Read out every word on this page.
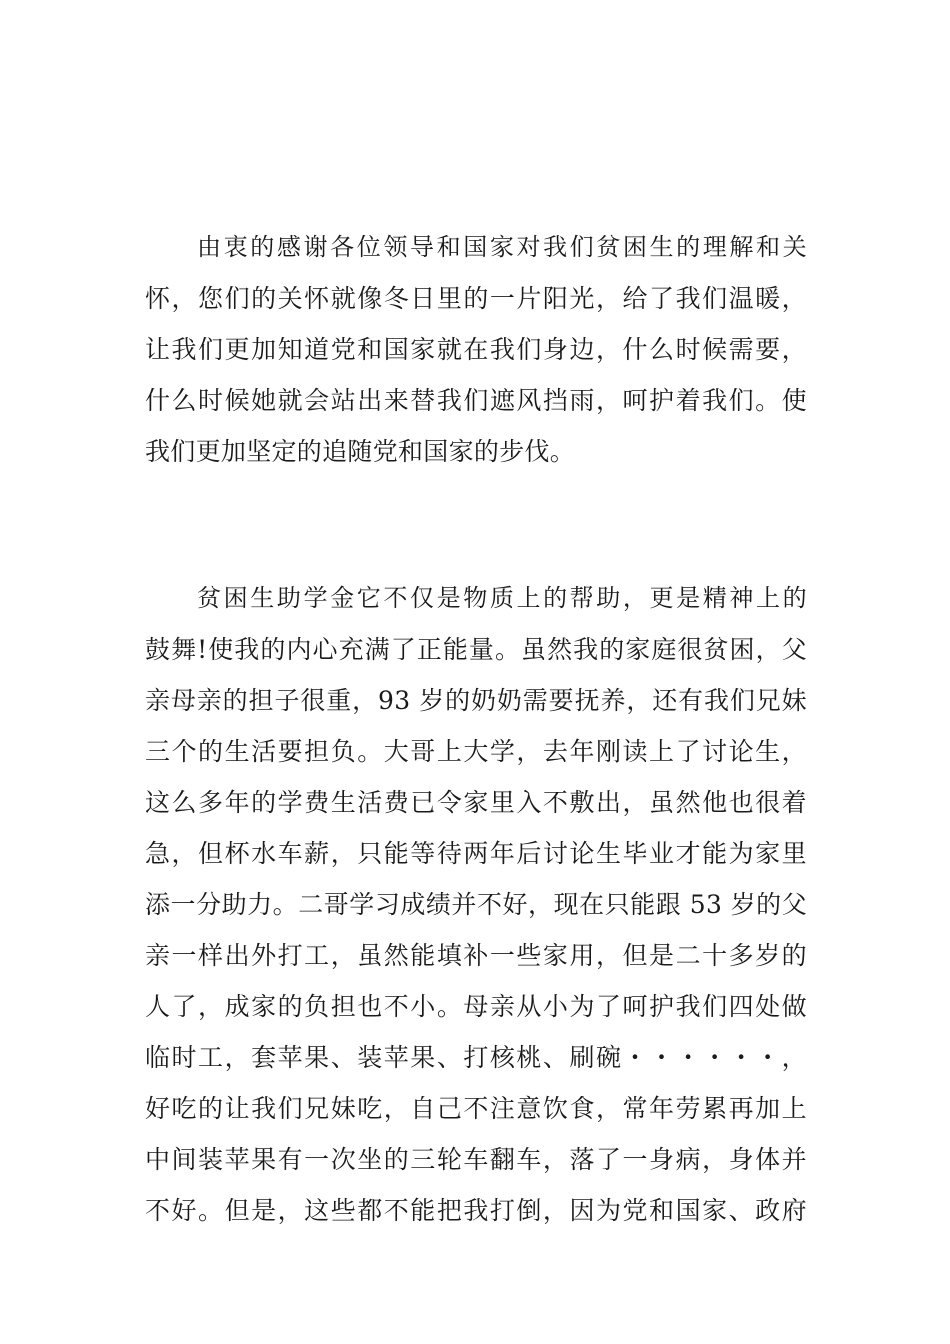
由衷的感谢各位领导和国家对我们贫困生的理解和关
怀，您们的关怀就像冬日里的一片阳光，给了我们温暖，
让我们更加知道党和国家就在我们身边，什么时候需要，
什么时候她就会站出来替我们遮风挡雨，呵护着我们。使
我们更加坚定的追随党和国家的步伐。
贫困生助学金它不仅是物质上的帮助，更是精神上的
鼓舞!使我的内心充满了正能量。虽然我的家庭很贫困，父
亲母亲的担子很重，93 岁的奶奶需要抚养，还有我们兄妹
三个的生活要担负。大哥上大学，去年刚读上了讨论生，
这么多年的学费生活费已令家里入不敷出，虽然他也很着
急，但杯水车薪，只能等待两年后讨论生毕业才能为家里
添一分助力。二哥学习成绩并不好，现在只能跟 53 岁的父
亲一样出外打工，虽然能填补一些家用，但是二十多岁的
人了，成家的负担也不小。母亲从小为了呵护我们四处做
临时工，套苹果、装苹果、打核桃、刷碗・・・・・・，
好吃的让我们兄妹吃，自己不注意饮食，常年劳累再加上
中间装苹果有一次坐的三轮车翻车，落了一身病，身体并
不好。但是，这些都不能把我打倒，因为党和国家、政府
